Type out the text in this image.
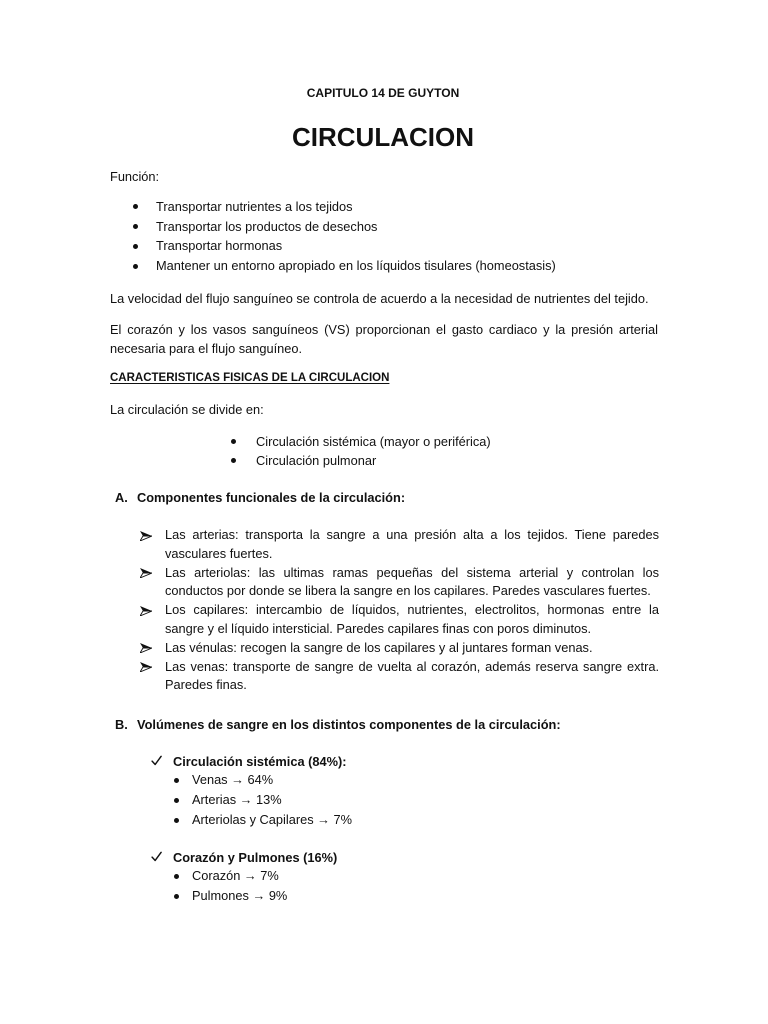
CAPITULO 14 DE GUYTON
CIRCULACION
Función:
Transportar nutrientes a los tejidos
Transportar los productos de desechos
Transportar hormonas
Mantener un entorno apropiado en los líquidos tisulares (homeostasis)

La velocidad del flujo sanguíneo se controla de acuerdo a la necesidad de nutrientes del tejido.

El corazón y los vasos sanguíneos (VS) proporcionan el gasto cardiaco y la presión arterial necesaria para el flujo sanguíneo.

CARACTERISTICAS FISICAS DE LA CIRCULACION
La circulación se divide en:
Circulación sistémica (mayor o periférica)
Circulación pulmonar
A. Componentes funcionales de la circulación:
Las arterias: transporta la sangre a una presión alta a los tejidos. Tiene paredes vasculares fuertes.
Las arteriolas: las ultimas ramas pequeñas del sistema arterial y controlan los conductos por donde se libera la sangre en los capilares. Paredes vasculares fuertes.
Los capilares: intercambio de líquidos, nutrientes, electrolitos, hormonas entre la sangre y el líquido intersticial. Paredes capilares finas con poros diminutos.
Las vénulas: recogen la sangre de los capilares y al juntares forman venas.
Las venas: transporte de sangre de vuelta al corazón, además reserva sangre extra. Paredes finas.
B. Volúmenes de sangre en los distintos componentes de la circulación:
Circulación sistémica (84%):
Venas → 64%
Arterias → 13%
Arteriolas y Capilares → 7%
Corazón y Pulmones (16%)
Corazón → 7%
Pulmones → 9%
